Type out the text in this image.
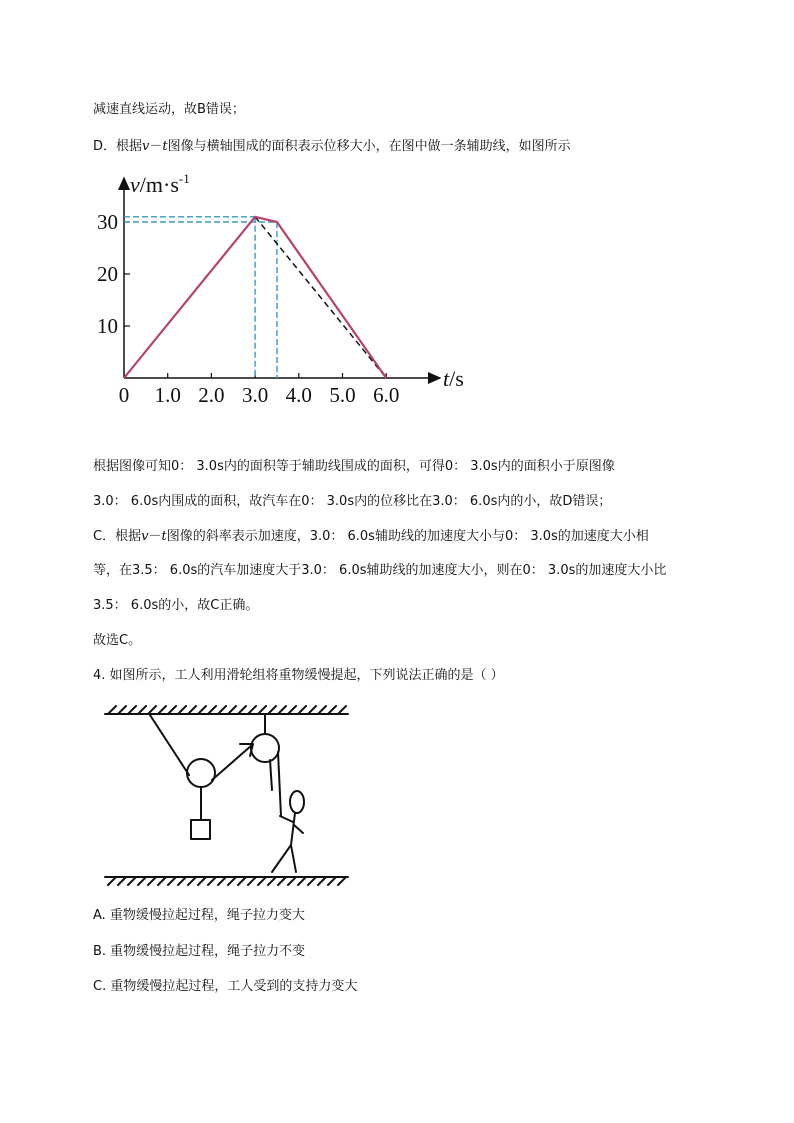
减速直线运动，故B错误；
D．根据v－t图像与横轴围成的面积表示位移大小，在图中做一条辅助线，如图所示
10
20
30
0 1.0 2.0 3.0 4.0 5.0 6.0
$v/m\cdot s^{-1}$
t/s
根据图像可知0： 3.0s内的面积等于辅助线围成的面积，可得0： 3.0s内的面积小于原图像
3.0： 6.0s内围成的面积，故汽车在0： 3.0s内的位移比在3.0： 6.0s内的小，故D错误；
C．根据v－t图像的斜率表示加速度，3.0： 6.0s辅助线的加速度大小与0： 3.0s的加速度大小相
等，在3.5： 6.0s的汽车加速度大于3.0： 6.0s辅助线的加速度大小，则在0： 3.0s的加速度大小比
3.5： 6.0s的小，故C正确。
故选C。
4. 如图所示，工人利用滑轮组将重物缓慢提起，下列说法正确的是（ ）
A. 重物缓慢拉起过程，绳子拉力变大
B. 重物缓慢拉起过程，绳子拉力不变
C. 重物缓慢拉起过程，工人受到的支持力变大
